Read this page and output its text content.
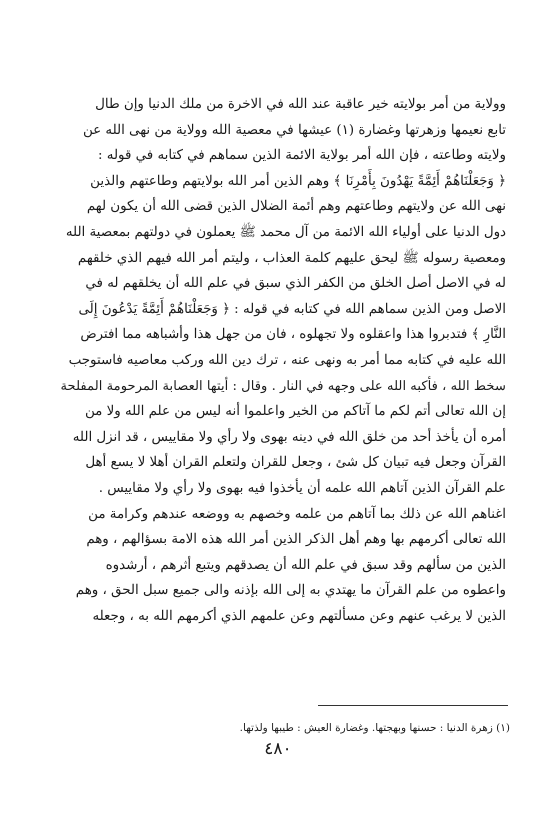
وولاية من أمر بولايته خير عاقبة عند الله في الاخرة من ملك الدنيا وإن طال
تابع نعيمها وزهرتها وغضارة (١) عيشها في معصية الله وولاية من نهى الله عن
ولايته وطاعته ، فإن الله أمر بولاية الائمة الذين سماهم في كتابه في قوله :
﴿ وَجَعَلْنَاهُمْ أَئِمَّةً يَهْدُونَ بِأَمْرِنَا ﴾ وهم الذين أمر الله بولايتهم وطاعتهم والذين
نهى الله عن ولايتهم وطاعتهم وهم أئمة الضلال الذين قضى الله أن يكون لهم
دول الدنيا على أولياء الله الائمة من آل محمد ﷺ يعملون في دولتهم بمعصية الله
ومعصية رسوله ﷺ ليحق عليهم كلمة العذاب ، وليتم أمر الله فيهم الذي خلقهم
له في الاصل أصل الخلق من الكفر الذي سبق في علم الله أن يخلقهم له في
الاصل ومن الذين سماهم الله في كتابه في قوله : ﴿ وَجَعَلْنَاهُمْ أَئِمَّةً يَدْعُونَ إِلَى
النَّارِ ﴾ فتدبروا هذا واعقلوه ولا تجهلوه ، فان من جهل هذا وأشباهه مما افترض
الله عليه في كتابه مما أمر به ونهى عنه ، ترك دين الله وركب معاصيه فاستوجب
سخط الله ، فأكبه الله على وجهه في النار . وقال : أيتها العصابة المرحومة المفلحة
إن الله تعالى أتم لكم ما آتاكم من الخير واعلموا أنه ليس من علم الله ولا من
أمره أن يأخذ أحد من خلق الله في دينه بهوى ولا رأي ولا مقاييس ، قد انزل الله
القرآن وجعل فيه تبيان كل شئ ، وجعل للقران ولتعلم القران أهلا لا يسع أهل
علم القرآن الذين آتاهم الله علمه أن يأخذوا فيه بهوى ولا رأي ولا مقاييس .
اغناهم الله عن ذلك بما آتاهم من علمه وخصهم به ووضعه عندهم وكرامة من
الله تعالى أكرمهم بها وهم أهل الذكر الذين أمر الله هذه الامة بسؤالهم ، وهم
الذين من سألهم وقد سبق في علم الله أن يصدقهم ويتبع أثرهم ، أرشدوه
واعطوه من علم القرآن ما يهتدي به إلى الله بإذنه والى جميع سبل الحق ، وهم
الذين لا يرغب عنهم وعن مسألتهم وعن علمهم الذي أكرمهم الله به ، وجعله
(١) زهرة الدنيا : حسنها وبهجتها. وغضارة العيش : طيبها ولذتها.
٤٨٠
